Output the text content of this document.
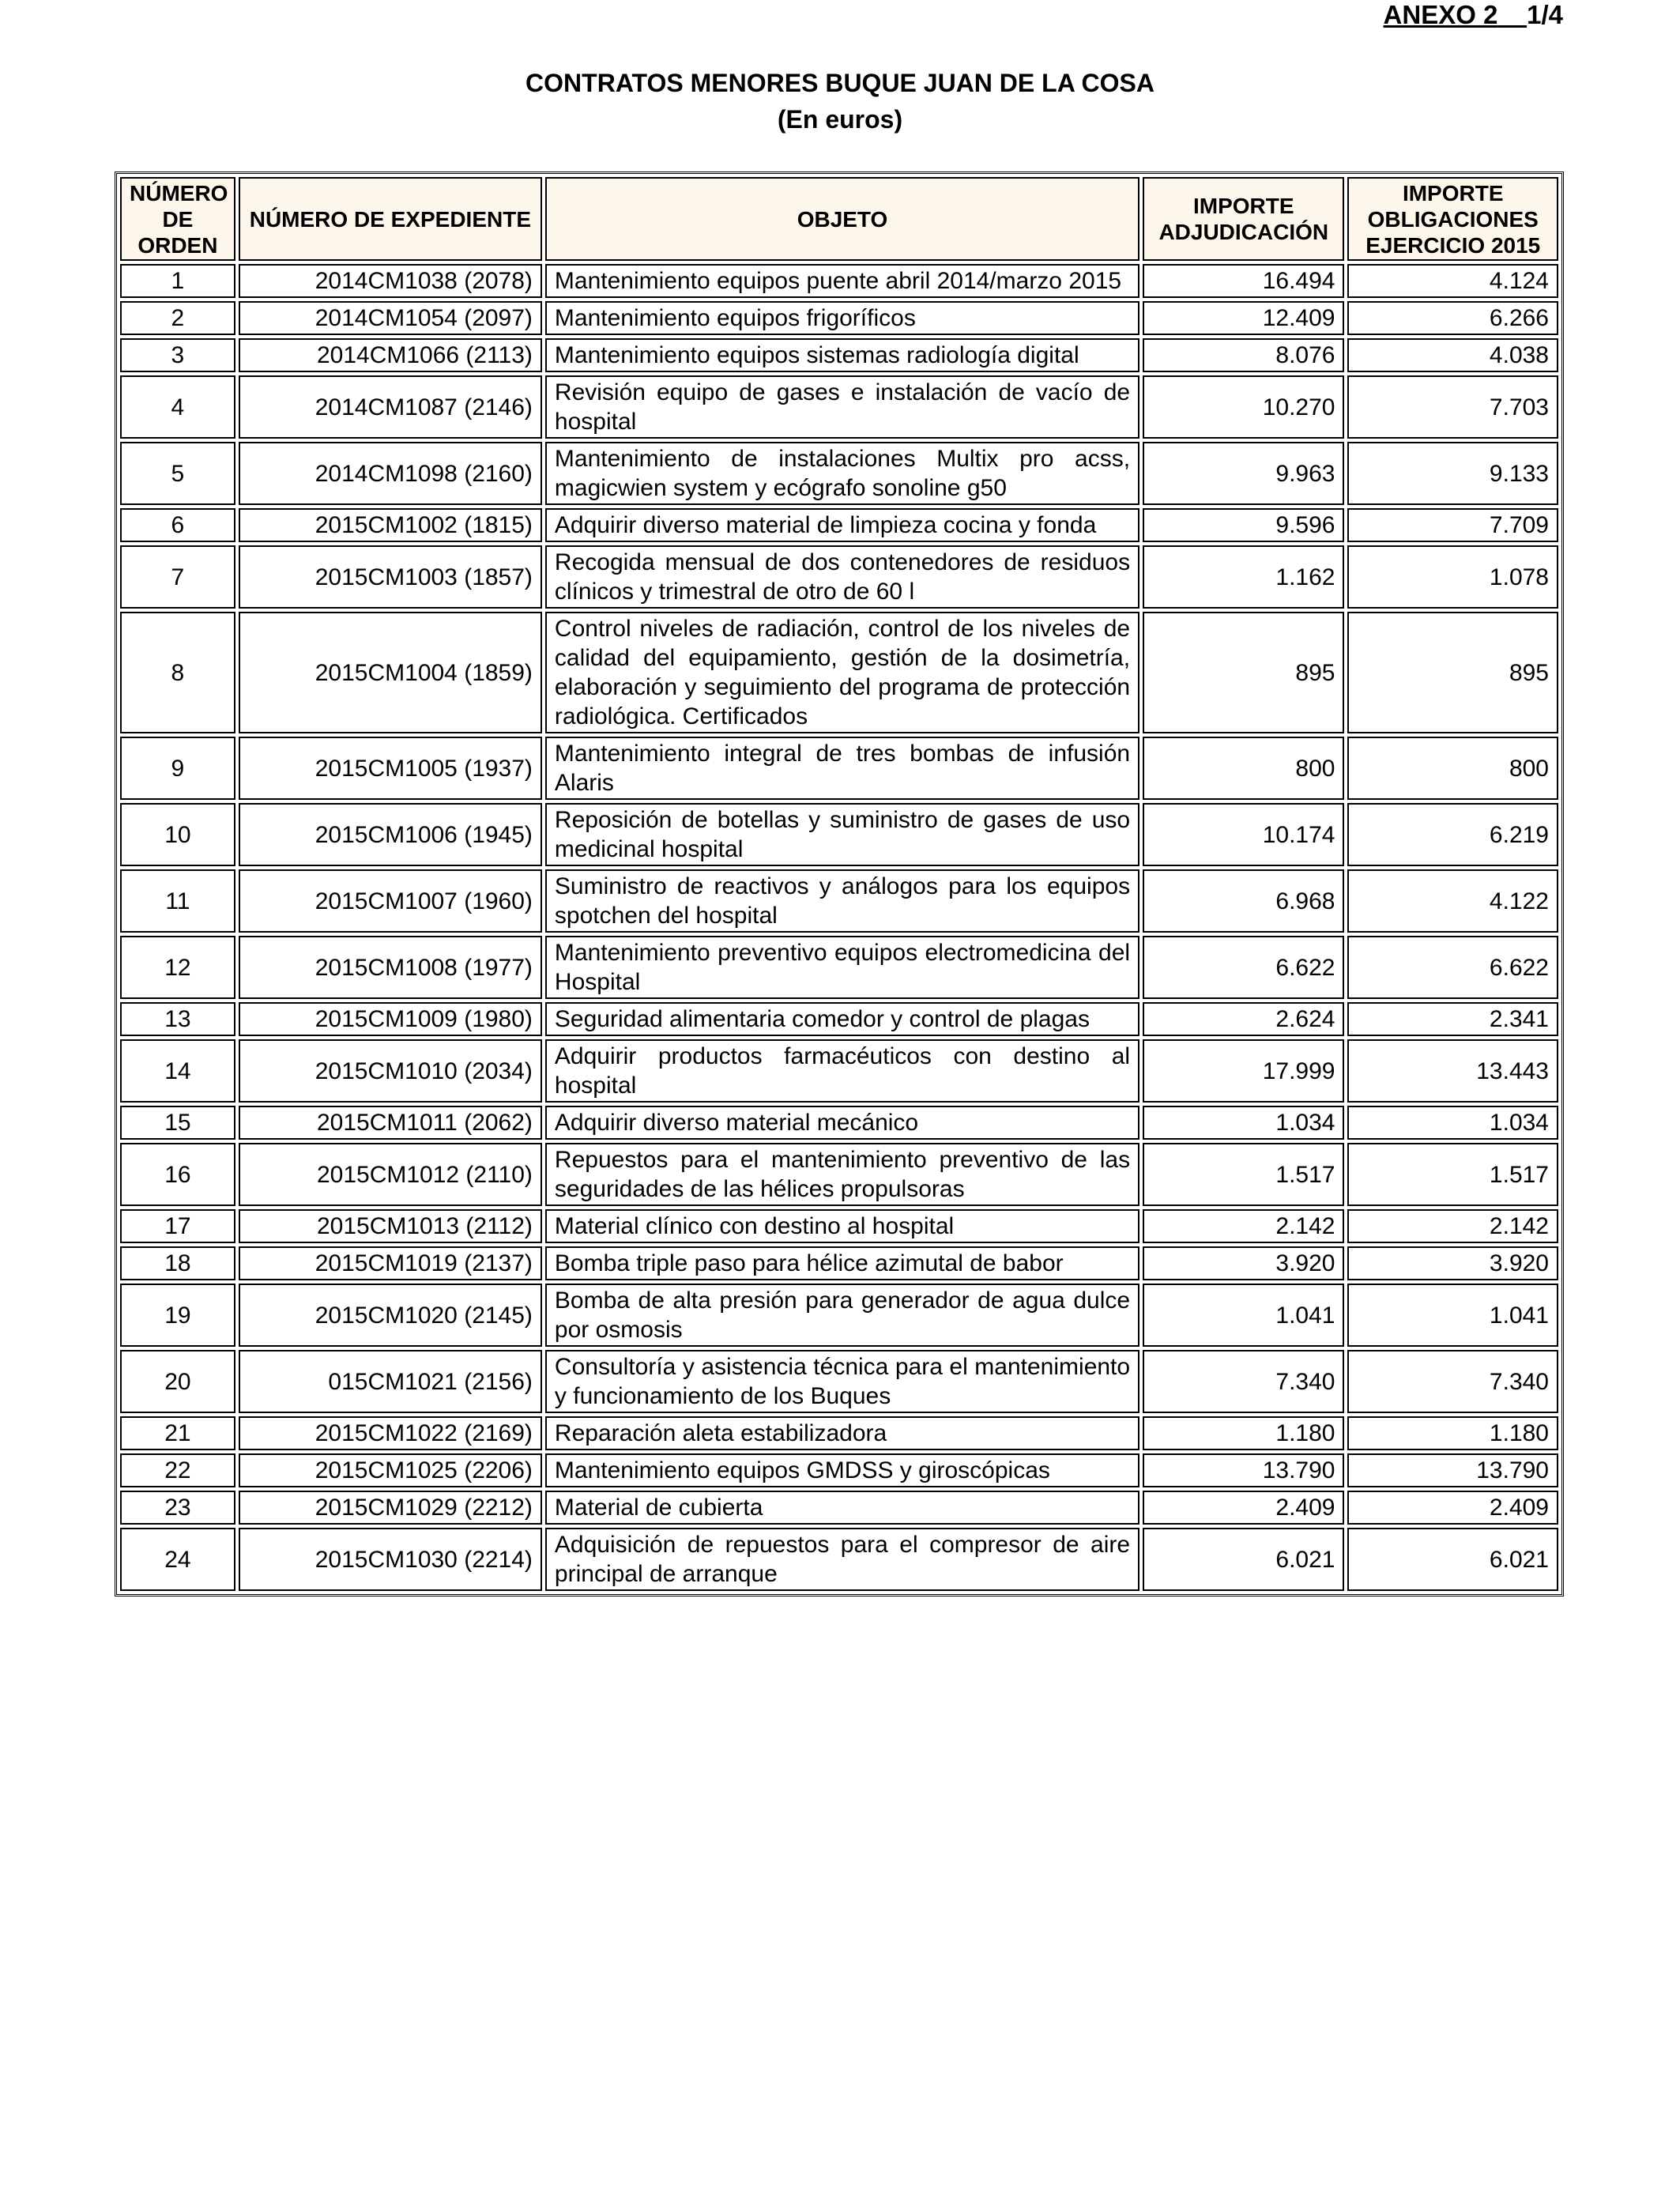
ANEXO 2 _ 1/4
CONTRATOS MENORES BUQUE JUAN DE LA COSA
(En euros)
NÚMERO DE ORDEN	NÚMERO DE EXPEDIENTE	OBJETO	IMPORTE ADJUDICACIÓN	IMPORTE OBLIGACIONES EJERCICIO 2015
1	2014CM1038 (2078)	Mantenimiento equipos puente abril 2014/marzo 2015	16.494	4.124
2	2014CM1054 (2097)	Mantenimiento equipos frigoríficos	12.409	6.266
3	2014CM1066 (2113)	Mantenimiento equipos sistemas radiología digital	8.076	4.038
4	2014CM1087 (2146)	Revisión equipo de gases e instalación de vacío de hospital	10.270	7.703
5	2014CM1098 (2160)	Mantenimiento de instalaciones Multix pro acss, magicwien system y ecógrafo sonoline g50	9.963	9.133
6	2015CM1002 (1815)	Adquirir diverso material de limpieza cocina y fonda	9.596	7.709
7	2015CM1003 (1857)	Recogida mensual de dos contenedores de residuos clínicos y trimestral de otro de 60 l	1.162	1.078
8	2015CM1004 (1859)	Control niveles de radiación, control de los niveles de calidad del equipamiento, gestión de la dosimetría, elaboración y seguimiento del programa de protección radiológica. Certificados	895	895
9	2015CM1005 (1937)	Mantenimiento integral de tres bombas de infusión Alaris	800	800
10	2015CM1006 (1945)	Reposición de botellas y suministro de gases de uso medicinal hospital	10.174	6.219
11	2015CM1007 (1960)	Suministro de reactivos y análogos para los equipos spotchen del hospital	6.968	4.122
12	2015CM1008 (1977)	Mantenimiento preventivo equipos electromedicina del Hospital	6.622	6.622
13	2015CM1009 (1980)	Seguridad alimentaria comedor y control de plagas	2.624	2.341
14	2015CM1010 (2034)	Adquirir productos farmacéuticos con destino al hospital	17.999	13.443
15	2015CM1011 (2062)	Adquirir diverso material mecánico	1.034	1.034
16	2015CM1012 (2110)	Repuestos para el mantenimiento preventivo de las seguridades de las hélices propulsoras	1.517	1.517
17	2015CM1013 (2112)	Material clínico con destino al hospital	2.142	2.142
18	2015CM1019 (2137)	Bomba triple paso para hélice azimutal de babor	3.920	3.920
19	2015CM1020 (2145)	Bomba de alta presión para generador de agua dulce por osmosis	1.041	1.041
20	015CM1021 (2156)	Consultoría y asistencia técnica para el mantenimiento y funcionamiento de los Buques	7.340	7.340
21	2015CM1022 (2169)	Reparación aleta estabilizadora	1.180	1.180
22	2015CM1025 (2206)	Mantenimiento equipos GMDSS y giroscópicas	13.790	13.790
23	2015CM1029 (2212)	Material de cubierta	2.409	2.409
24	2015CM1030 (2214)	Adquisición de repuestos para el compresor de aire principal de arranque	6.021	6.021
